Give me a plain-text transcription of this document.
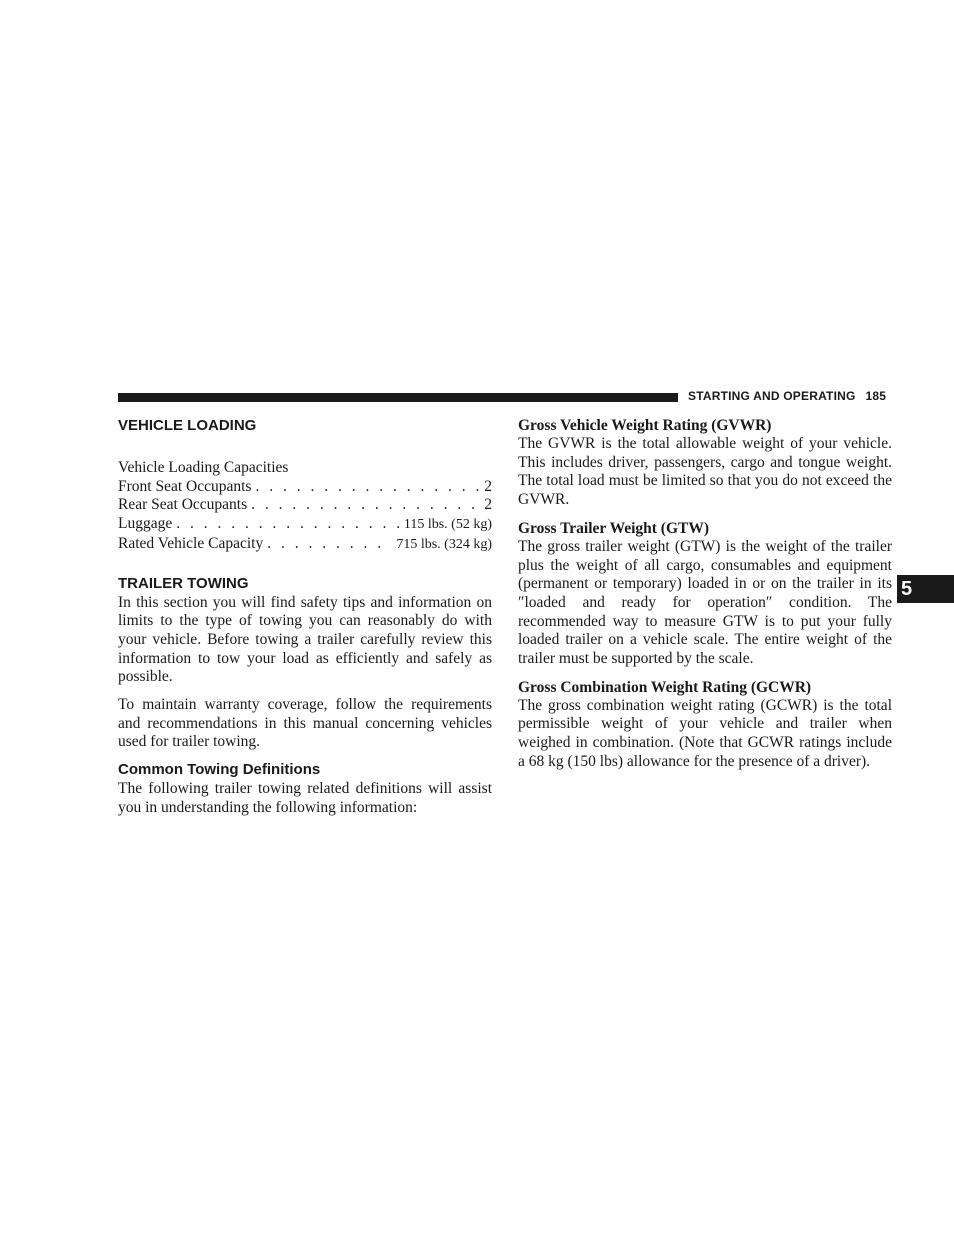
STARTING AND OPERATING 185
5
VEHICLE LOADING
Vehicle Loading Capacities
Front Seat Occupants . . .	2
Rear Seat Occupants . . .	2
Luggage . . .	115 lbs. (52 kg)
Rated Vehicle Capacity . . .	715 lbs. (324 kg)
TRAILER TOWING

In this section you will find safety tips and information on limits to the type of towing you can reasonably do with your vehicle. Before towing a trailer carefully review this information to tow your load as efficiently and safely as possible.

To maintain warranty coverage, follow the requirements and recommendations in this manual concerning vehicles used for trailer towing.

Common Towing Definitions

The following trailer towing related definitions will assist you in understanding the following information:

Gross Vehicle Weight Rating (GVWR)

The GVWR is the total allowable weight of your vehicle. This includes driver, passengers, cargo and tongue weight. The total load must be limited so that you do not exceed the GVWR.

Gross Trailer Weight (GTW)

The gross trailer weight (GTW) is the weight of the trailer plus the weight of all cargo, consumables and equipment (permanent or temporary) loaded in or on the trailer in its ″loaded and ready for operation″ condition. The recommended way to measure GTW is to put your fully loaded trailer on a vehicle scale. The entire weight of the trailer must be supported by the scale.

Gross Combination Weight Rating (GCWR)

The gross combination weight rating (GCWR) is the total permissible weight of your vehicle and trailer when weighed in combination. (Note that GCWR ratings include a 68 kg (150 lbs) allowance for the presence of a driver).
